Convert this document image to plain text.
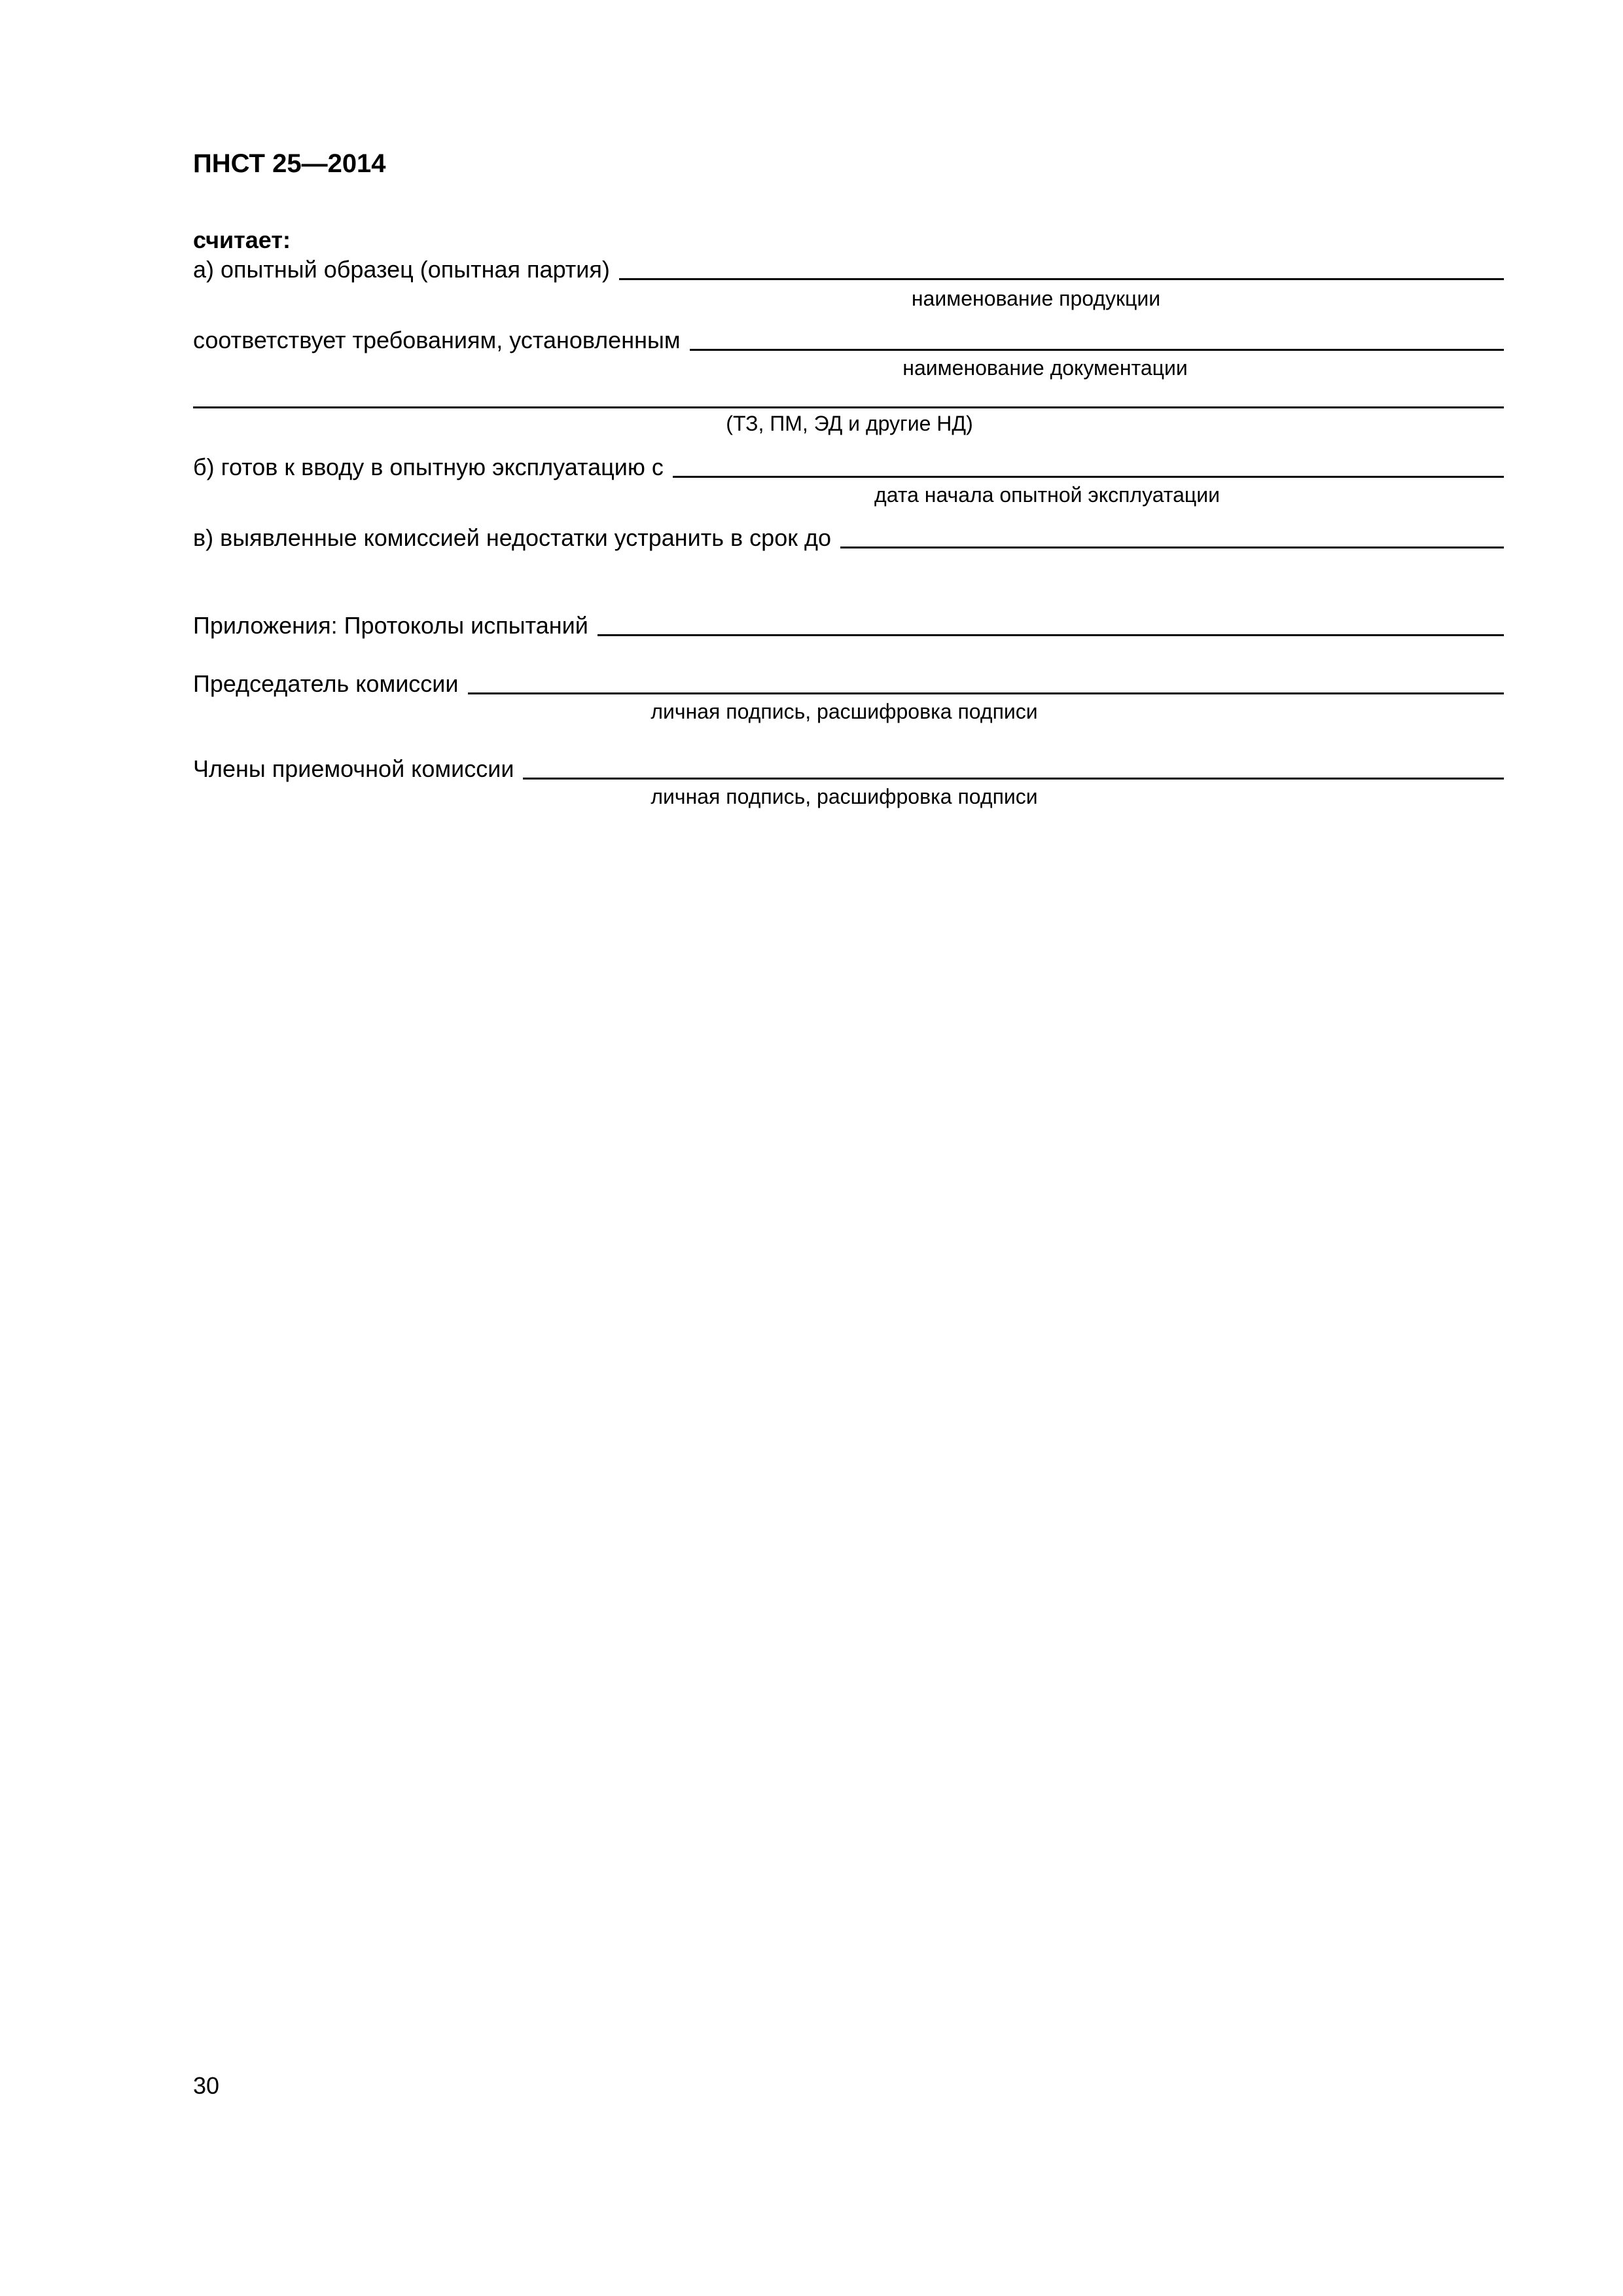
ПНСТ 25—2014
считает:
а) опытный образец (опытная партия)
наименование продукции
соответствует требованиям, установленным
наименование документации
(ТЗ, ПМ, ЭД и другие НД)
б) готов к вводу в опытную эксплуатацию с
дата начала опытной эксплуатации
в) выявленные комиссией недостатки устранить в срок до
Приложения: Протоколы испытаний
Председатель комиссии
личная подпись, расшифровка подписи
Члены приемочной комиссии
личная подпись, расшифровка подписи
30
